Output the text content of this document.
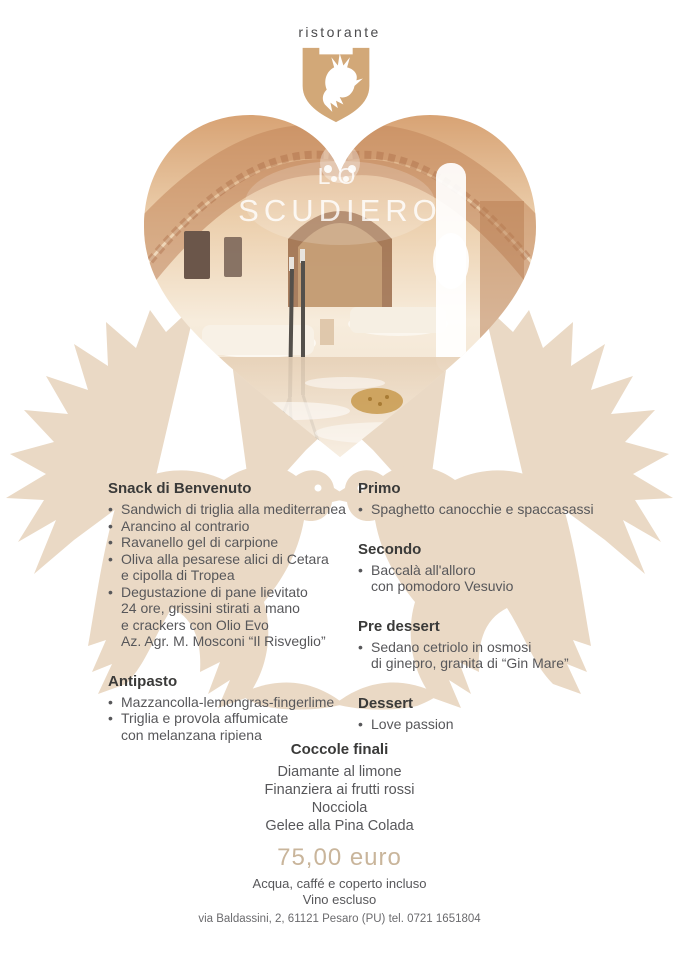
ristorante
LO
SCUDIERO
Snack di Benvenuto
• Sandwich di triglia alla mediterranea
• Arancino al contrario
• Ravanello gel di carpione
• Oliva alla pesarese alici di Cetara
e cipolla di Tropea
• Degustazione di pane lievitato
24 ore, grissini stirati a mano
e crackers con Olio Evo
Az. Agr. M. Mosconi “Il Risveglio”
Antipasto
• Mazzancolla-lemongras-fingerlime
• Triglia e provola affumicate
con melanzana ripiena
Primo
• Spaghetto canocchie e spaccasassi
Secondo
• Baccalà all'alloro
con pomodoro Vesuvio
Pre dessert
• Sedano cetriolo in osmosi
di ginepro, granita di “Gin Mare”
Dessert
• Love passion
Coccole finali
Diamante al limone
Finanziera ai frutti rossi
Nocciola
Gelee alla Pina Colada
75,00 euro
Acqua, caffé e coperto incluso
Vino escluso
via Baldassini, 2, 61121 Pesaro (PU) tel. 0721 1651804
